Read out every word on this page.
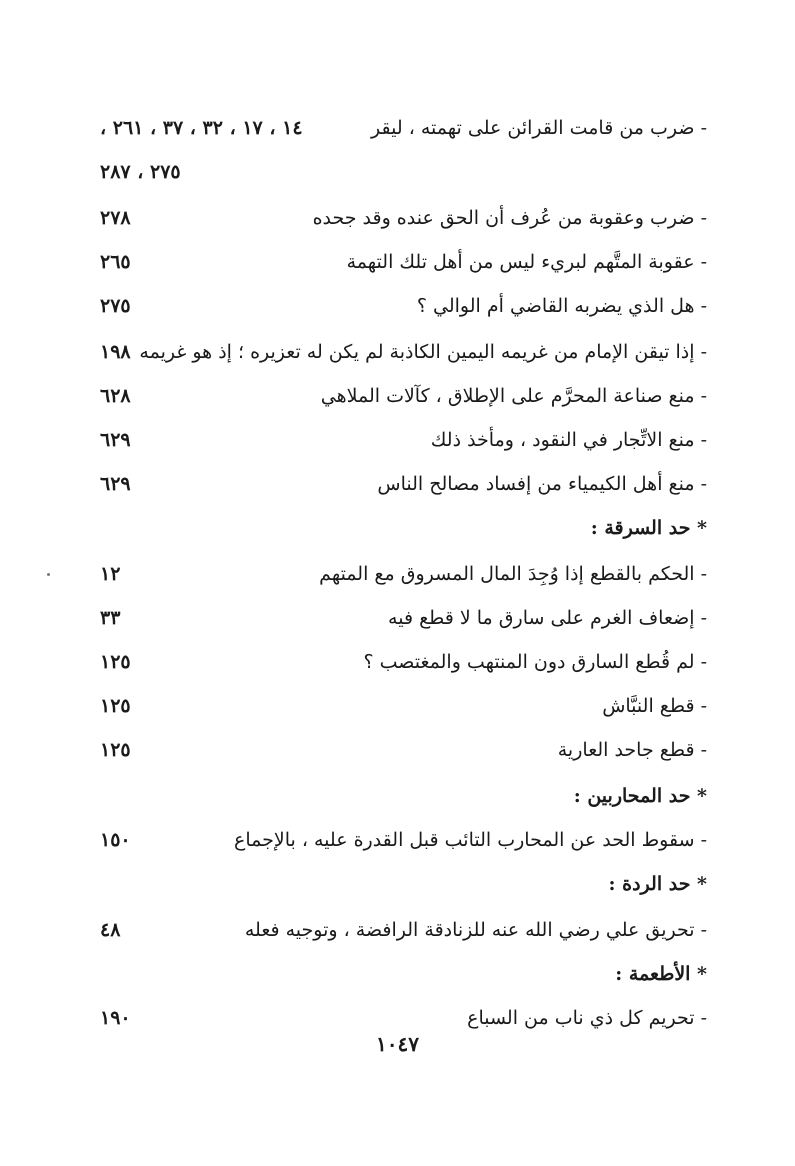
- ضرب من قامت القرائن على تهمته ، ليقر
١٤ ، ١٧ ، ٣٢ ، ٣٧ ، ٢٦١ ،
٢٧٥ ، ٢٨٧
- ضرب وعقوبة من عُرف أن الحق عنده وقد جحده
٢٧٨
- عقوبة المتَّهم لبريء ليس من أهل تلك التهمة
٢٦٥
- هل الذي يضربه القاضي أم الوالي ؟
٢٧٥
- إذا تيقن الإمام من غريمه اليمين الكاذبة لم يكن له تعزيره ؛ إذ هو غريمه
١٩٨
- منع صناعة المحرَّم على الإطلاق ، كآلات الملاهي
٦٢٨
- منع الاتِّجار في النقود ، ومأخذ ذلك
٦٢٩
- منع أهل الكيمياء من إفساد مصالح الناس
٦٢٩
* حد السرقة :
- الحكم بالقطع إذا وُجِدَ المال المسروق مع المتهم
١٢
- إضعاف الغرم على سارق ما لا قطع فيه
٣٣
- لم قُطع السارق دون المنتهب والمغتصب ؟
١٢٥
- قطع النبَّاش
١٢٥
- قطع جاحد العارية
١٢٥
* حد المحاربين :
- سقوط الحد عن المحارب التائب قبل القدرة عليه ، بالإجماع
١٥٠
* حد الردة :
- تحريق علي رضي الله عنه للزنادقة الرافضة ، وتوجيه فعله
٤٨
* الأطعمة :
- تحريم كل ذي ناب من السباع
١٩٠
١٠٤٧
